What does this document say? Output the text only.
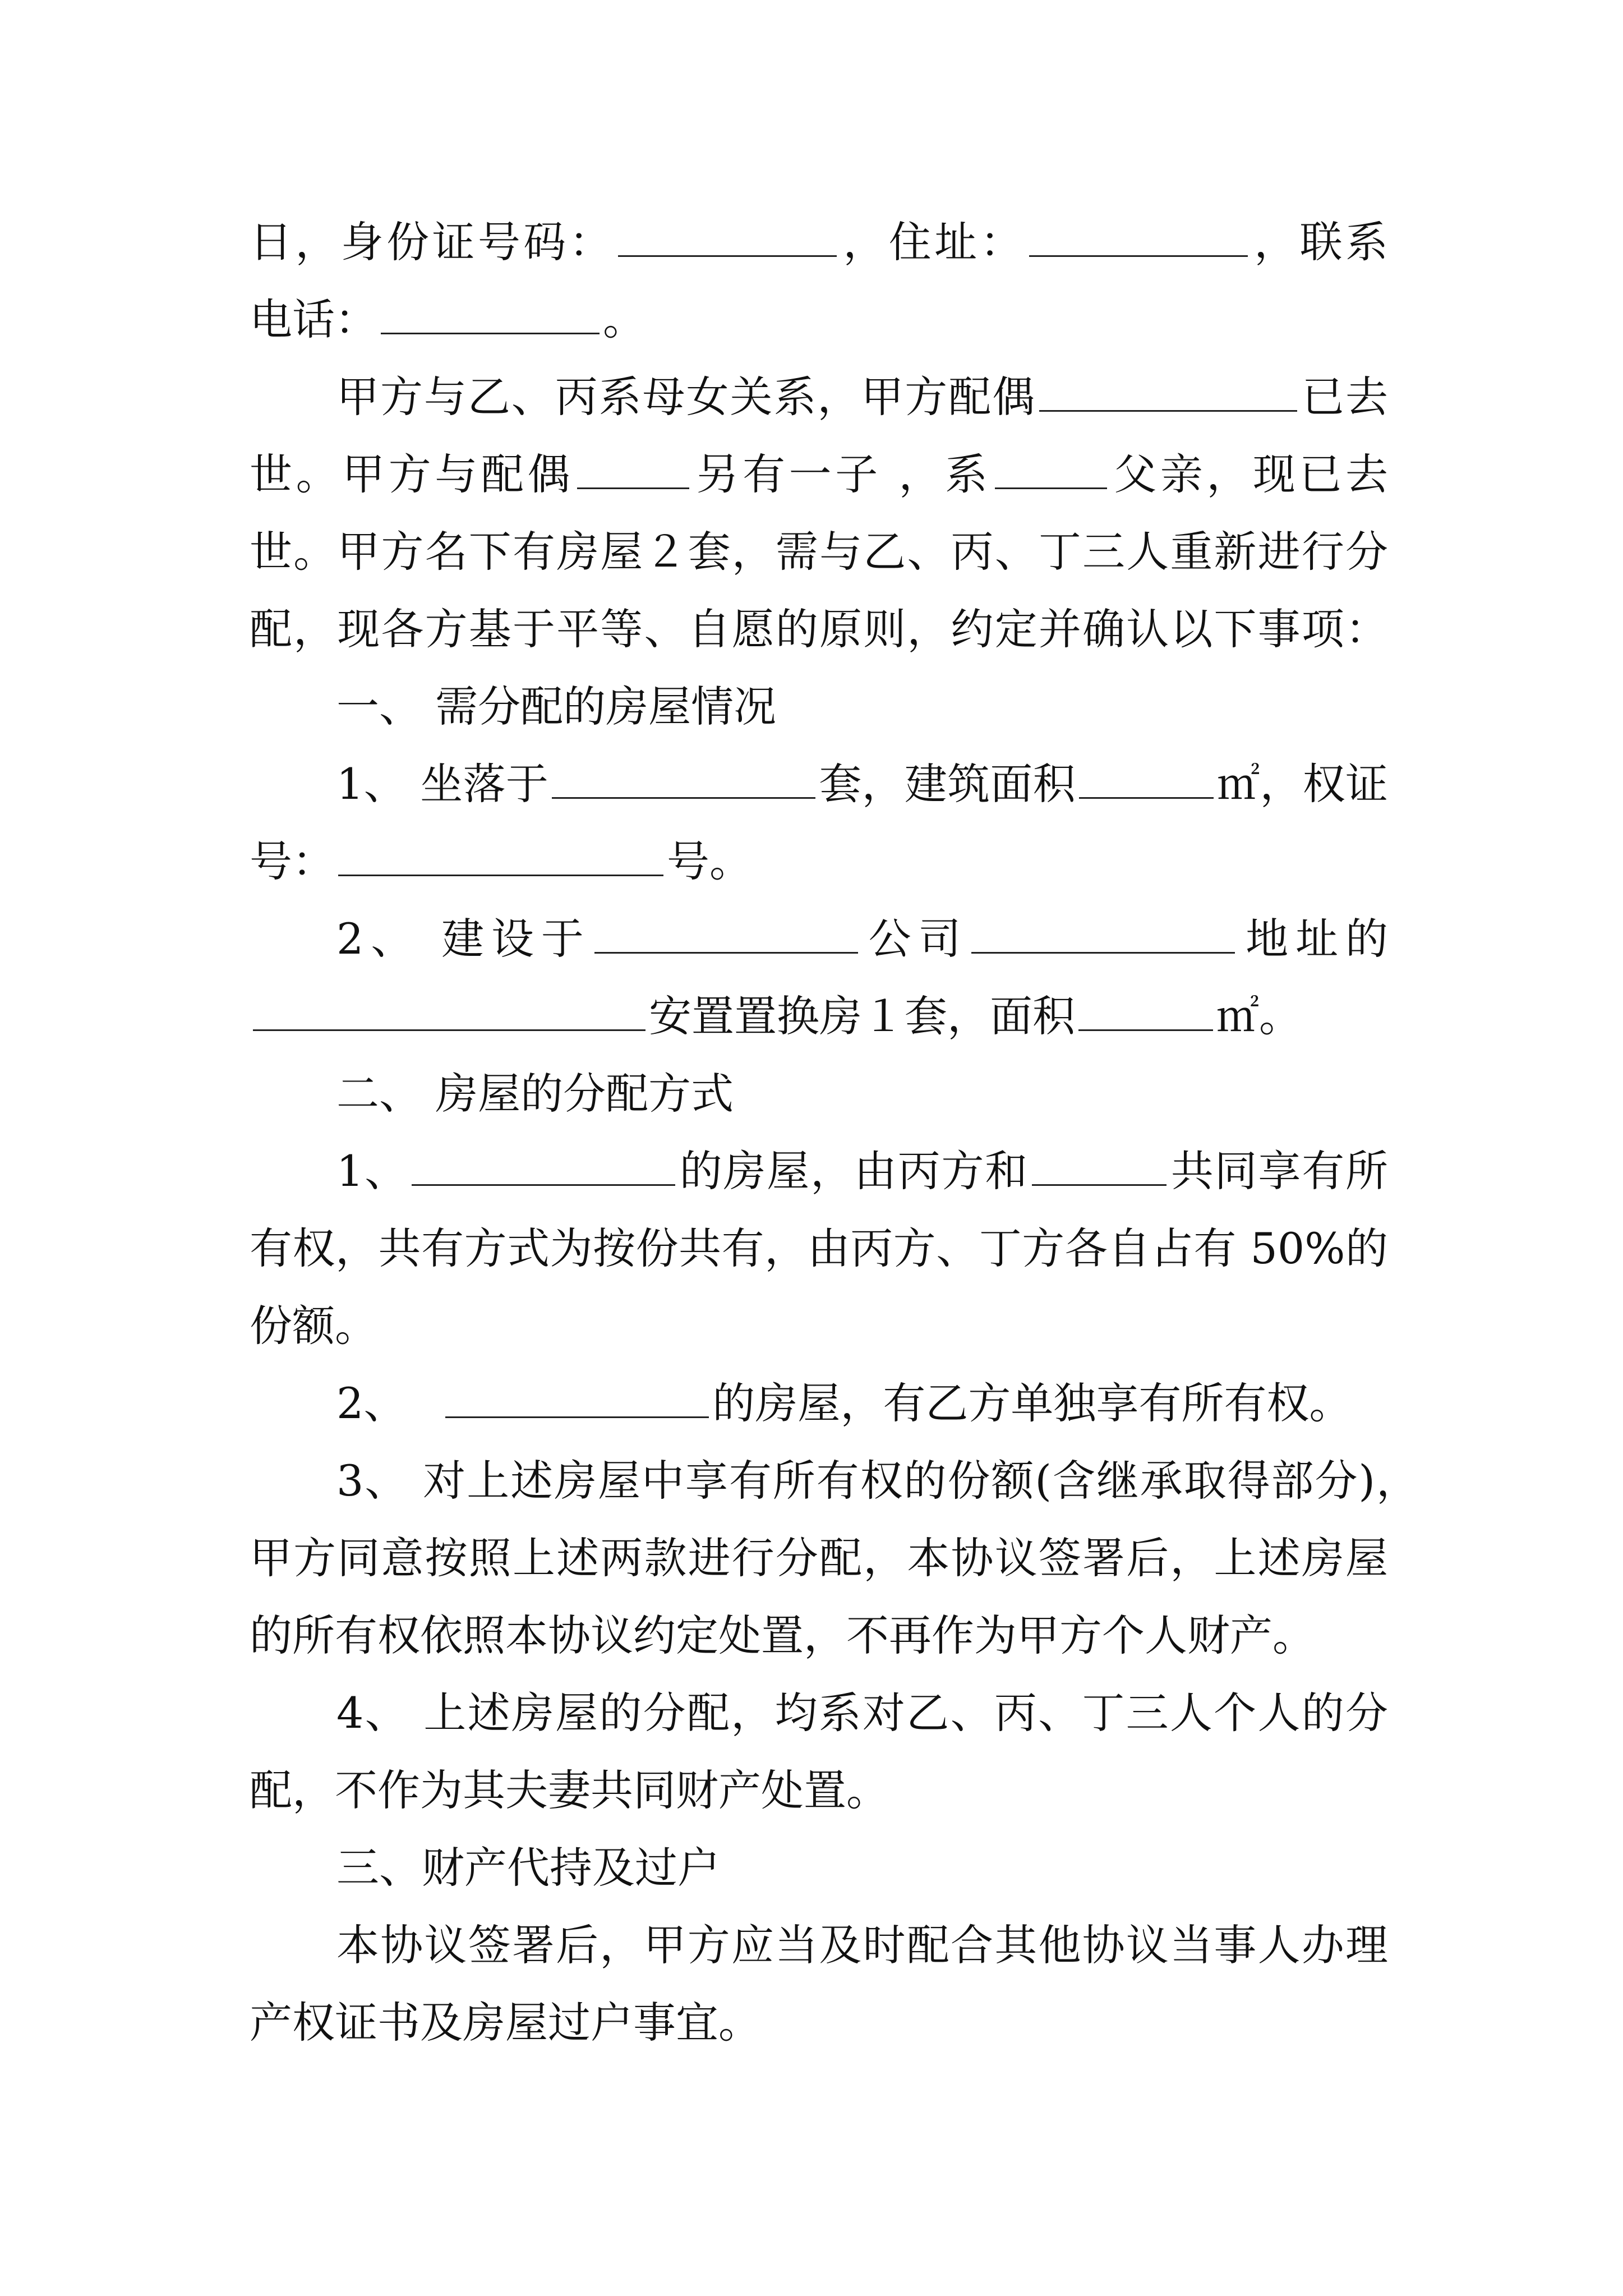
日，身份证号码：	，住址：	，联系
电话：	。
甲方与乙、丙系母女关系，甲方配偶	已去
世。甲方与配偶	另有一子 ，系	父亲，现已去
世。甲方名下有房屋２套，需与乙、丙、丁三人重新进行分
配，现各方基于平等、自愿的原则，约定并确认以下事项：
一、 需分配的房屋情况
1、 坐落于	套，建筑面积	㎡，权证
号：	号。
2、 建设于	公司	地址的
安置置换房１套，面积	㎡。
二、 房屋的分配方式
1、	的房屋，由丙方和	共同享有所
有权，共有方式为按份共有，由丙方、丁方各自占有 50%的
份额。
2、	的房屋，有乙方单独享有所有权。
3、 对上述房屋中享有所有权的份额(含继承取得部分)，
甲方同意按照上述两款进行分配，本协议签署后，上述房屋
的所有权依照本协议约定处置，不再作为甲方个人财产。
4、 上述房屋的分配，均系对乙、丙、丁三人个人的分
配，不作为其夫妻共同财产处置。
三、财产代持及过户
本协议签署后，甲方应当及时配合其他协议当事人办理
产权证书及房屋过户事宜。
